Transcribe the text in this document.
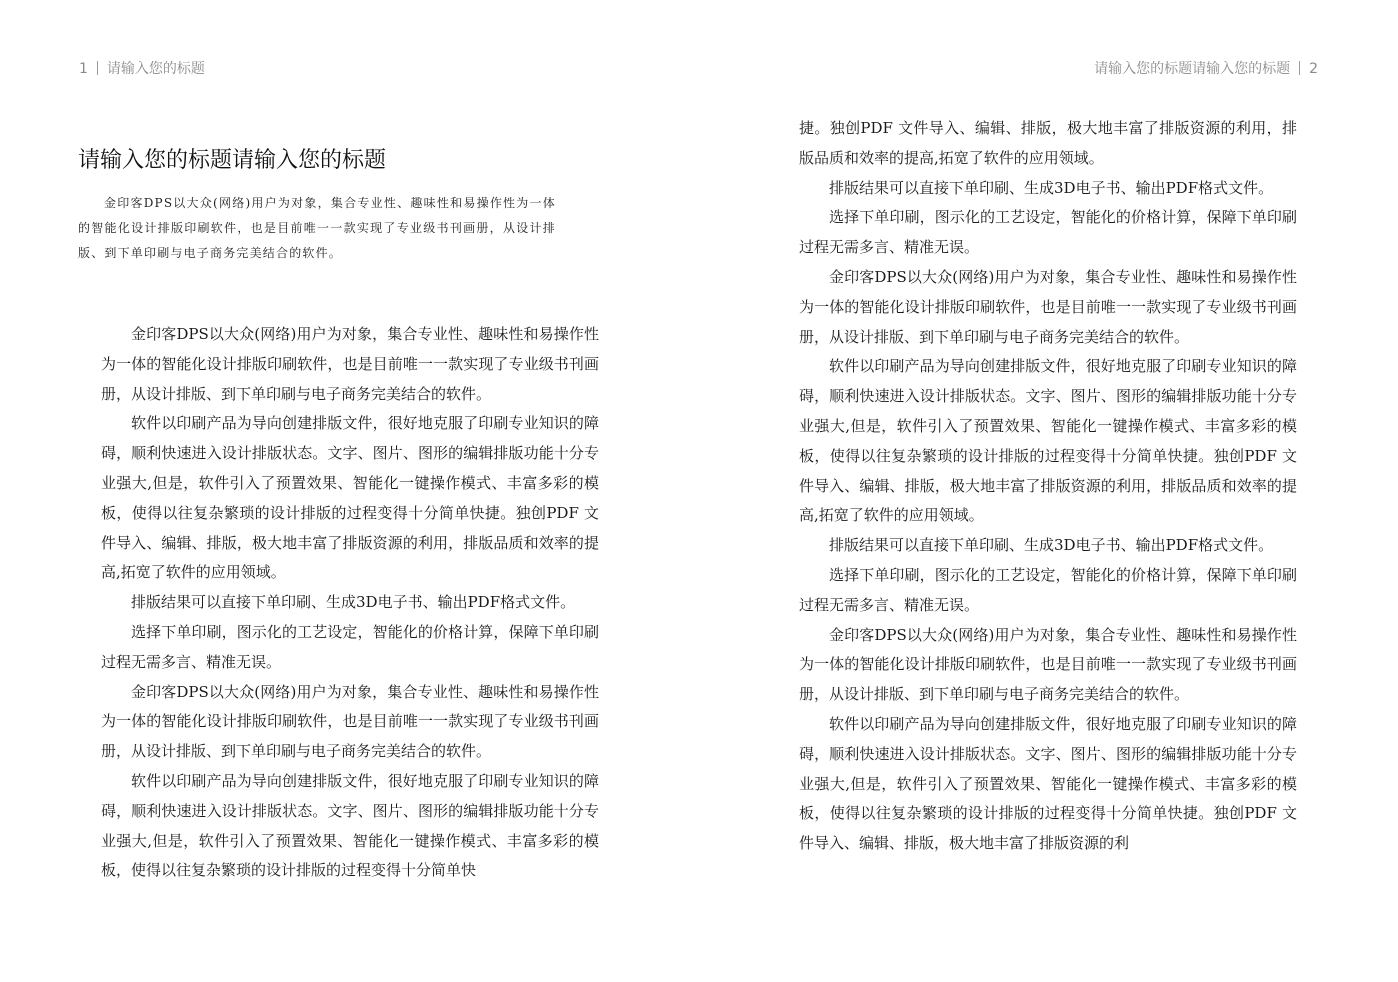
1 请输入您的标题	请输入您的标题请输入您的标题 2
请输入您的标题请输入您的标题

金印客DPS以大众(网络)用户为对象，集合专业性、趣味性和易操作性为一体的智能化设计排版印刷软件，也是目前唯一一款实现了专业级书刊画册，从设计排版、到下单印刷与电子商务完美结合的软件。

金印客DPS以大众(网络)用户为对象，集合专业性、趣味性和易操作性为一体的智能化设计排版印刷软件，也是目前唯一一款实现了专业级书刊画册，从设计排版、到下单印刷与电子商务完美结合的软件。

软件以印刷产品为导向创建排版文件，很好地克服了印刷专业知识的障碍，顺利快速进入设计排版状态。文字、图片、图形的编辑排版功能十分专业强大,但是，软件引入了预置效果、智能化一键操作模式、丰富多彩的模板，使得以往复杂繁琐的设计排版的过程变得十分简单快捷。独创PDF 文件导入、编辑、排版，极大地丰富了排版资源的利用，排版品质和效率的提高,拓宽了软件的应用领域。

排版结果可以直接下单印刷、生成3D电子书、输出PDF格式文件。

选择下单印刷，图示化的工艺设定，智能化的价格计算，保障下单印刷过程无需多言、精准无误。

金印客DPS以大众(网络)用户为对象，集合专业性、趣味性和易操作性为一体的智能化设计排版印刷软件，也是目前唯一一款实现了专业级书刊画册，从设计排版、到下单印刷与电子商务完美结合的软件。

软件以印刷产品为导向创建排版文件，很好地克服了印刷专业知识的障碍，顺利快速进入设计排版状态。文字、图片、图形的编辑排版功能十分专业强大,但是，软件引入了预置效果、智能化一键操作模式、丰富多彩的模板，使得以往复杂繁琐的设计排版的过程变得十分简单快

捷。独创PDF 文件导入、编辑、排版，极大地丰富了排版资源的利用，排版品质和效率的提高,拓宽了软件的应用领域。

排版结果可以直接下单印刷、生成3D电子书、输出PDF格式文件。

选择下单印刷，图示化的工艺设定，智能化的价格计算，保障下单印刷过程无需多言、精准无误。

金印客DPS以大众(网络)用户为对象，集合专业性、趣味性和易操作性为一体的智能化设计排版印刷软件，也是目前唯一一款实现了专业级书刊画册，从设计排版、到下单印刷与电子商务完美结合的软件。

软件以印刷产品为导向创建排版文件，很好地克服了印刷专业知识的障碍，顺利快速进入设计排版状态。文字、图片、图形的编辑排版功能十分专业强大,但是，软件引入了预置效果、智能化一键操作模式、丰富多彩的模板，使得以往复杂繁琐的设计排版的过程变得十分简单快捷。独创PDF 文件导入、编辑、排版，极大地丰富了排版资源的利用，排版品质和效率的提高,拓宽了软件的应用领域。

排版结果可以直接下单印刷、生成3D电子书、输出PDF格式文件。

选择下单印刷，图示化的工艺设定，智能化的价格计算，保障下单印刷过程无需多言、精准无误。

金印客DPS以大众(网络)用户为对象，集合专业性、趣味性和易操作性为一体的智能化设计排版印刷软件，也是目前唯一一款实现了专业级书刊画册，从设计排版、到下单印刷与电子商务完美结合的软件。

软件以印刷产品为导向创建排版文件，很好地克服了印刷专业知识的障碍，顺利快速进入设计排版状态。文字、图片、图形的编辑排版功能十分专业强大,但是，软件引入了预置效果、智能化一键操作模式、丰富多彩的模板，使得以往复杂繁琐的设计排版的过程变得十分简单快捷。独创PDF 文件导入、编辑、排版，极大地丰富了排版资源的利
